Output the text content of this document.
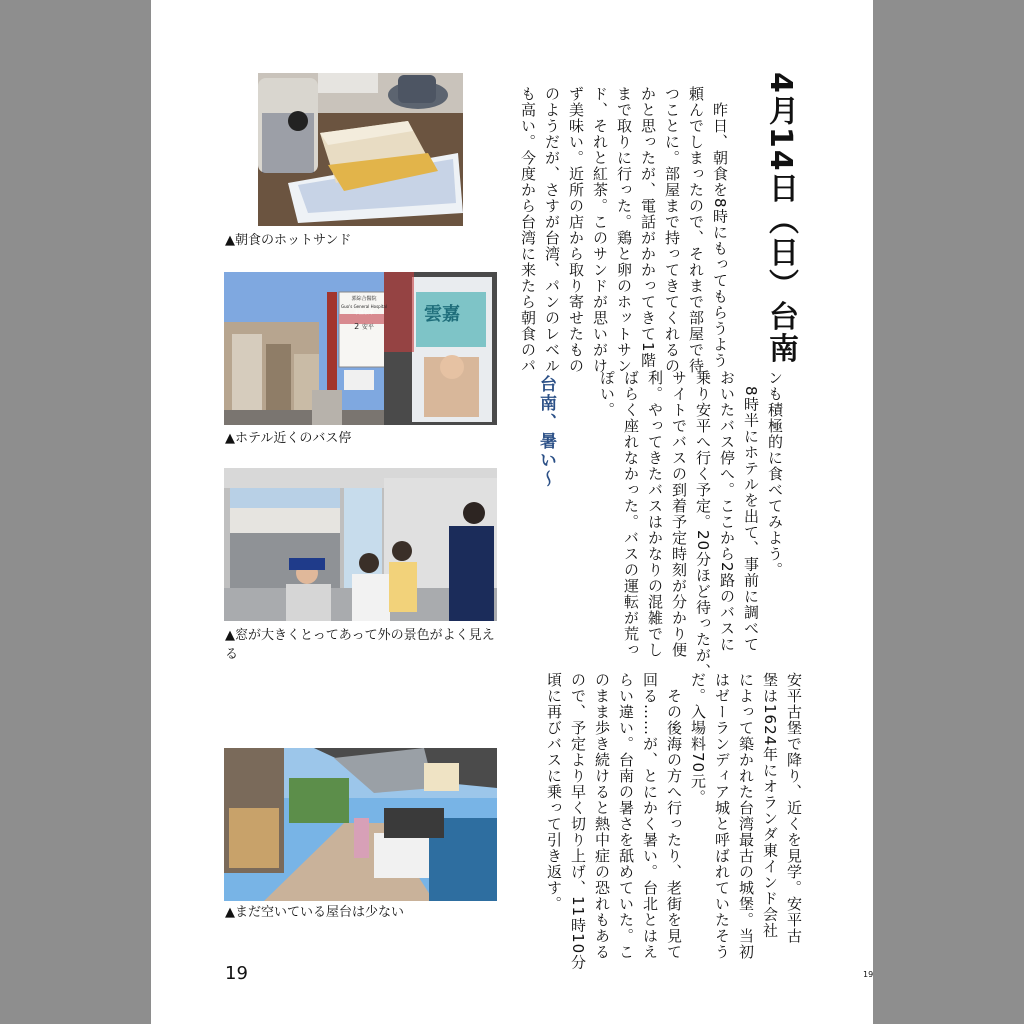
▲朝食のホットサンド
郭綜合醫院
Guo's General Hospital
市區公車
2 安平
雲嘉
▲ホテル近くのバス停
▲窓が大きくとってあって外の景色がよく見える
▲まだ空いている屋台は少ない
4月14日（日）台南
　昨日、朝食を8時にもってもらうよう
頼んでしまったので、それまで部屋で待
つことに。部屋まで持ってきてくれるの
かと思ったが、電話がかかってきて1階
まで取りに行った。鶏と卵のホットサン
ド、それと紅茶。このサンドが思いがけ
ず美味い。近所の店から取り寄せたもの
のようだが、さすが台湾、パンのレベル
も高い。今度から台湾に来たら朝食のパ
ンも積極的に食べてみよう。
　8時半にホテルを出て、事前に調べて
おいたバス停へ。ここから2路のバスに
乗り安平へ行く予定。20分ほど待ったが、
サイトでバスの到着予定時刻が分かり便
利。やってきたバスはかなりの混雑でし
ばらく座れなかった。バスの運転が荒っ
ぽい。
台南、暑い〜
安平古堡で降り、近くを見学。安平古
堡は1624年にオランダ東インド会社
によって築かれた台湾最古の城堡。当初
はゼーランディア城と呼ばれていたそう
だ。入場料70元。
　その後海の方へ行ったり、老街を見て
回る……が、とにかく暑い。台北とはえ
らい違い。台南の暑さを舐めていた。こ
のまま歩き続けると熱中症の恐れもある
ので、予定より早く切り上げ、11時10分
頃に再びバスに乗って引き返す。
19	19
